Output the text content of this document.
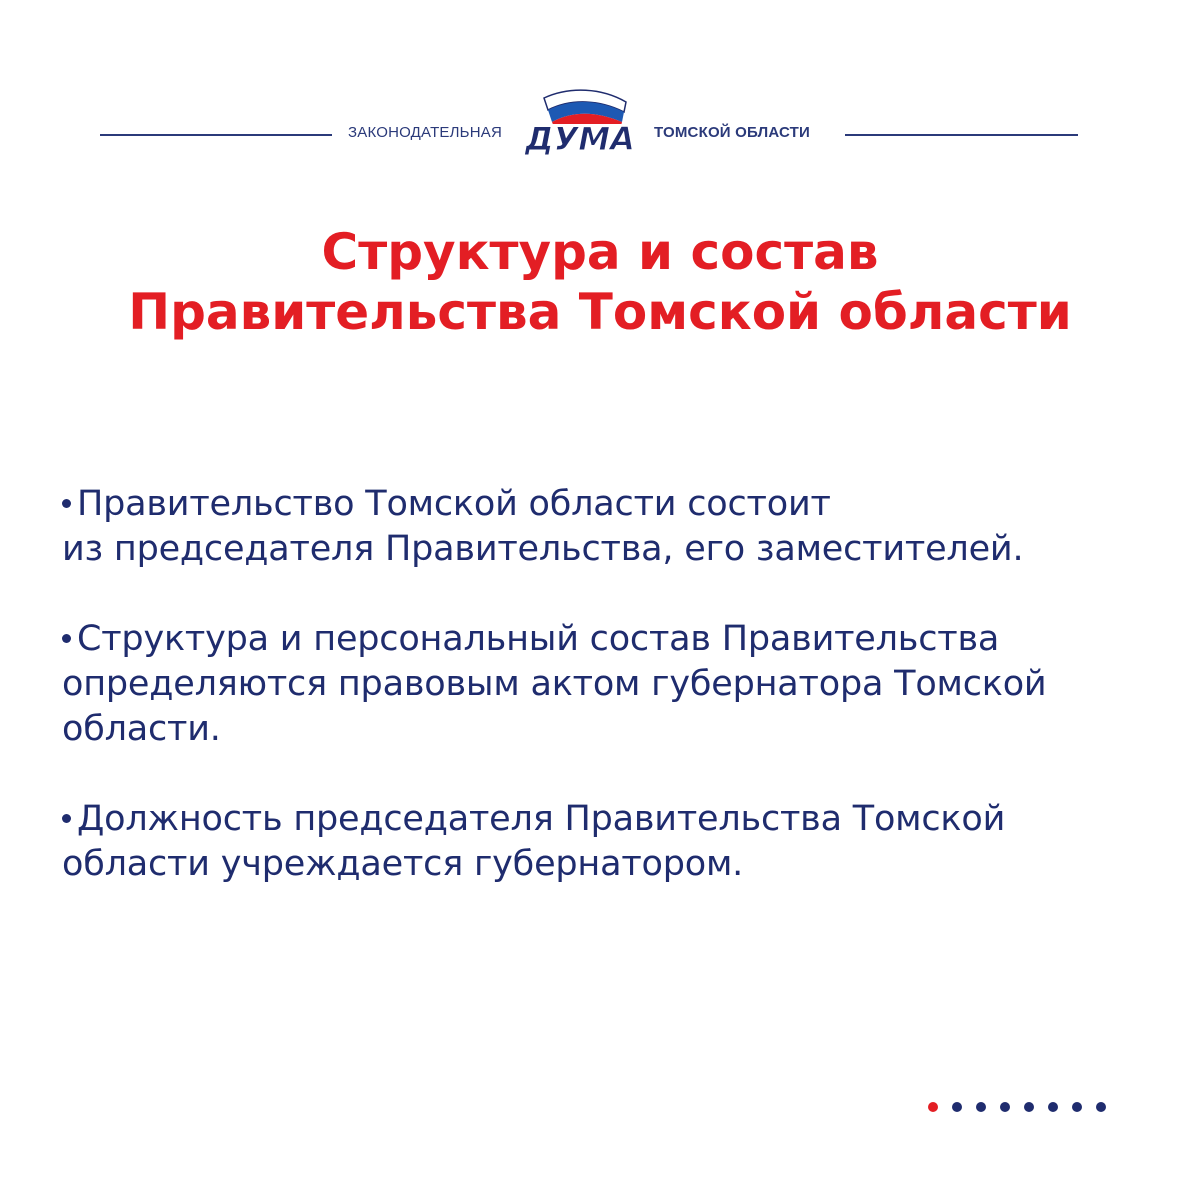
ЗАКОНОДАТЕЛЬНАЯ ДУМА ТОМСКОЙ ОБЛАСТИ
Структура и состав
Правительства Томской области
Правительство Томской области состоит
из председателя Правительства, его заместителей.
Структура и персональный состав Правительства
определяются правовым актом губернатора Томской
области.
Должность председателя Правительства Томской
области учреждается губернатором.
